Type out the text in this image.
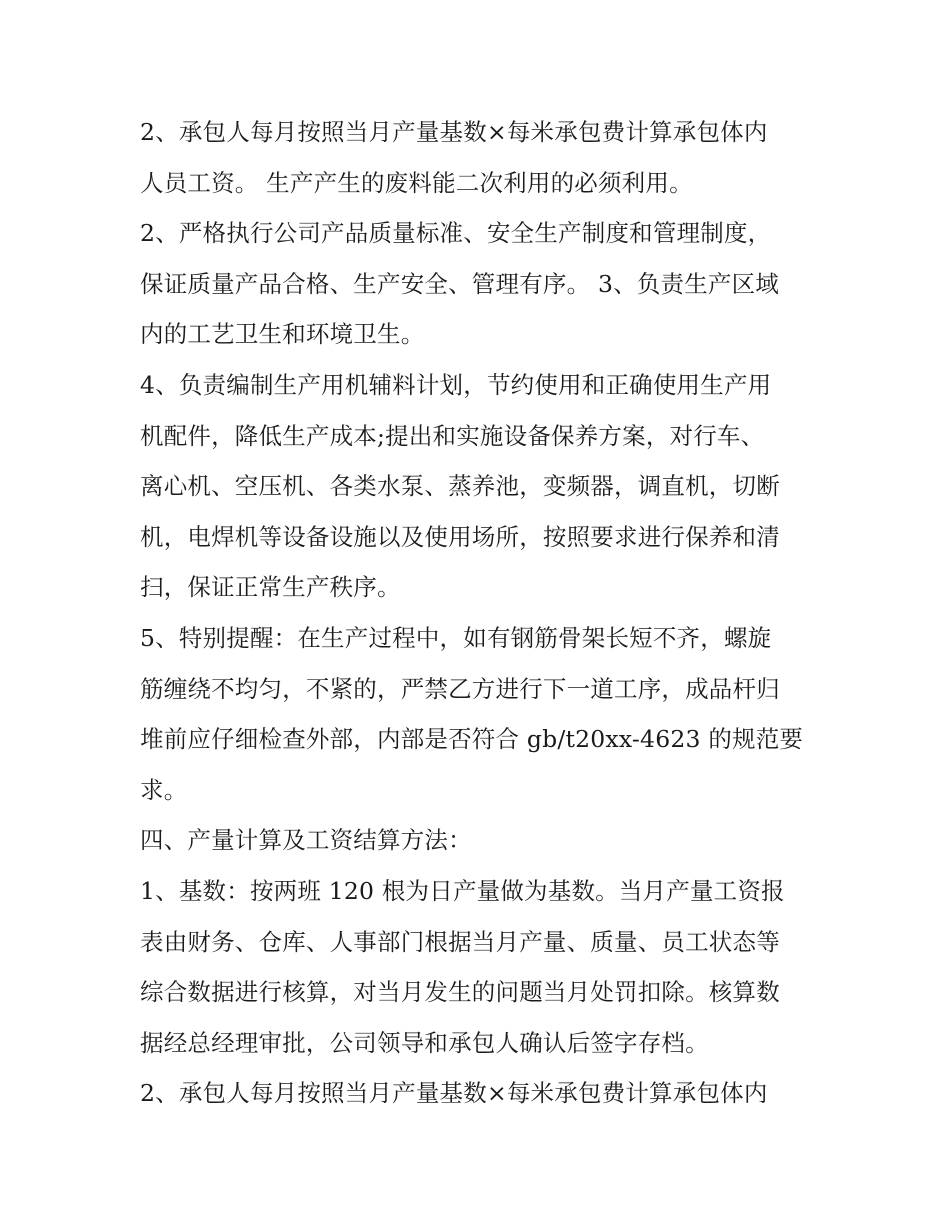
2、承包人每月按照当月产量基数×每米承包费计算承包体内
人员工资。 生产产生的废料能二次利用的必须利用。

2、严格执行公司产品质量标准、安全生产制度和管理制度，
保证质量产品合格、生产安全、管理有序。 3、负责生产区域
内的工艺卫生和环境卫生。

4、负责编制生产用机辅料计划，节约使用和正确使用生产用
机配件，降低生产成本;提出和实施设备保养方案，对行车、
离心机、空压机、各类水泵、蒸养池，变频器，调直机，切断
机，电焊机等设备设施以及使用场所，按照要求进行保养和清
扫，保证正常生产秩序。

5、特别提醒：在生产过程中，如有钢筋骨架长短不齐，螺旋
筋缠绕不均匀，不紧的，严禁乙方进行下一道工序，成品杆归
堆前应仔细检查外部，内部是否符合 gb/t20xx-4623 的规范要
求。

四、产量计算及工资结算方法：

1、基数：按两班 120 根为日产量做为基数。当月产量工资报
表由财务、仓库、人事部门根据当月产量、质量、员工状态等
综合数据进行核算，对当月发生的问题当月处罚扣除。核算数
据经总经理审批，公司领导和承包人确认后签字存档。

2、承包人每月按照当月产量基数×每米承包费计算承包体内
